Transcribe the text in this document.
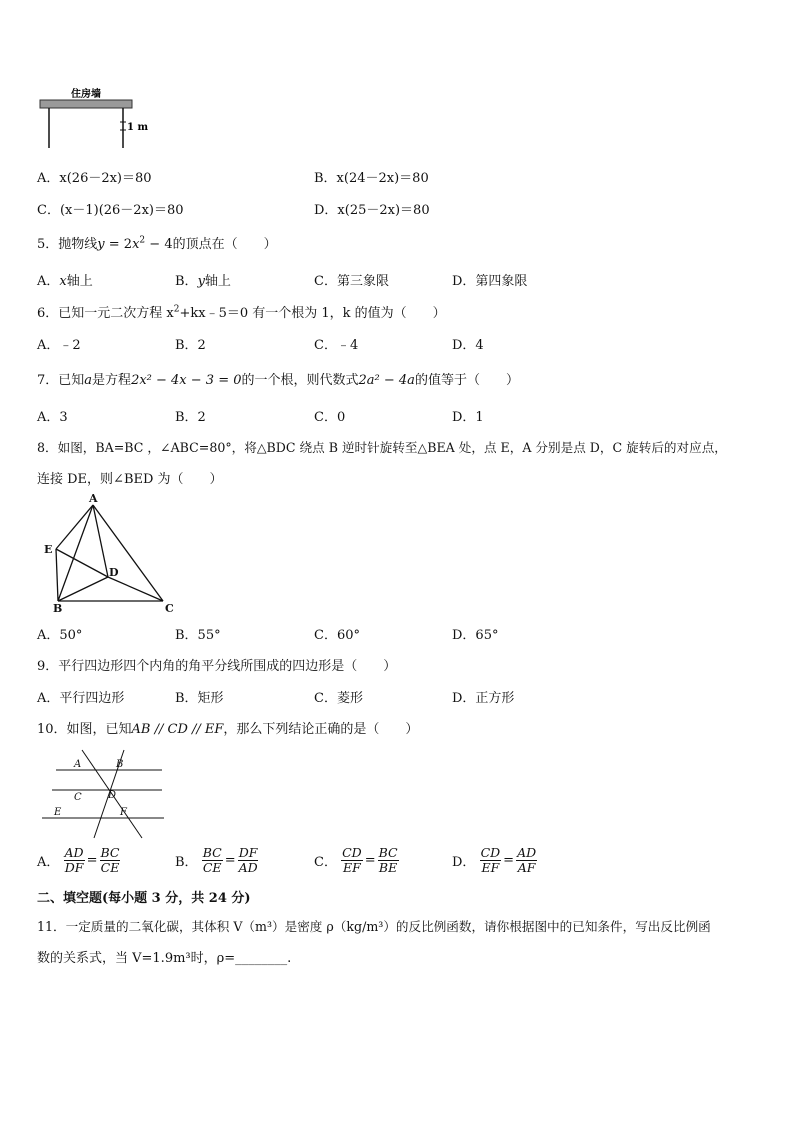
住房墙
1 m
A．x(26－2x)＝80	B．x(24－2x)＝80
C．(x－1)(26－2x)＝80	D．x(25－2x)＝80
5．抛物线$y = 2x^2 - 4$的顶点在（　　）
A．x轴上	B．y轴上	C．第三象限	D．第四象限
6．已知一元二次方程 $x^2+kx﹣5=0$ 有一个根为 1，k 的值为（　　）
A．﹣2	B．2	C．﹣4	D．4
7．已知a是方程2x² − 4x − 3 = 0的一个根，则代数式2a² − 4a的值等于（　　）
A．3	B．2	C．0	D．1
8．如图，BA=BC ，∠ABC=80°，将△BDC 绕点 B 逆时针旋转至△BEA 处，点 E，A 分别是点 D，C 旋转后的对应点，
连接 DE，则∠BED 为（　　）
A
E
D
B	C
A．50°	B．55°	C．60°	D．65°
9．平行四边形四个内角的角平分线所围成的四边形是（　　）
A．平行四边形	B．矩形	C．菱形	D．正方形
10．如图，已知AB // CD // EF，那么下列结论正确的是（　　）
A	B
C	D
E	F
A． $\frac{AD}{DF} = \frac{BC}{CE}$	B． $\frac{BC}{CE} = \frac{DF}{AD}$	C． $\frac{CD}{EF} = \frac{BC}{BE}$	D． $\frac{CD}{EF} = \frac{AD}{AF}$
二、填空题(每小题 3 分，共 24 分)
11．一定质量的二氧化碳，其体积 V（m³）是密度 ρ（kg/m³）的反比例函数，请你根据图中的已知条件，写出反比例函
数的关系式，当 V=1.9m³时，ρ=________.
